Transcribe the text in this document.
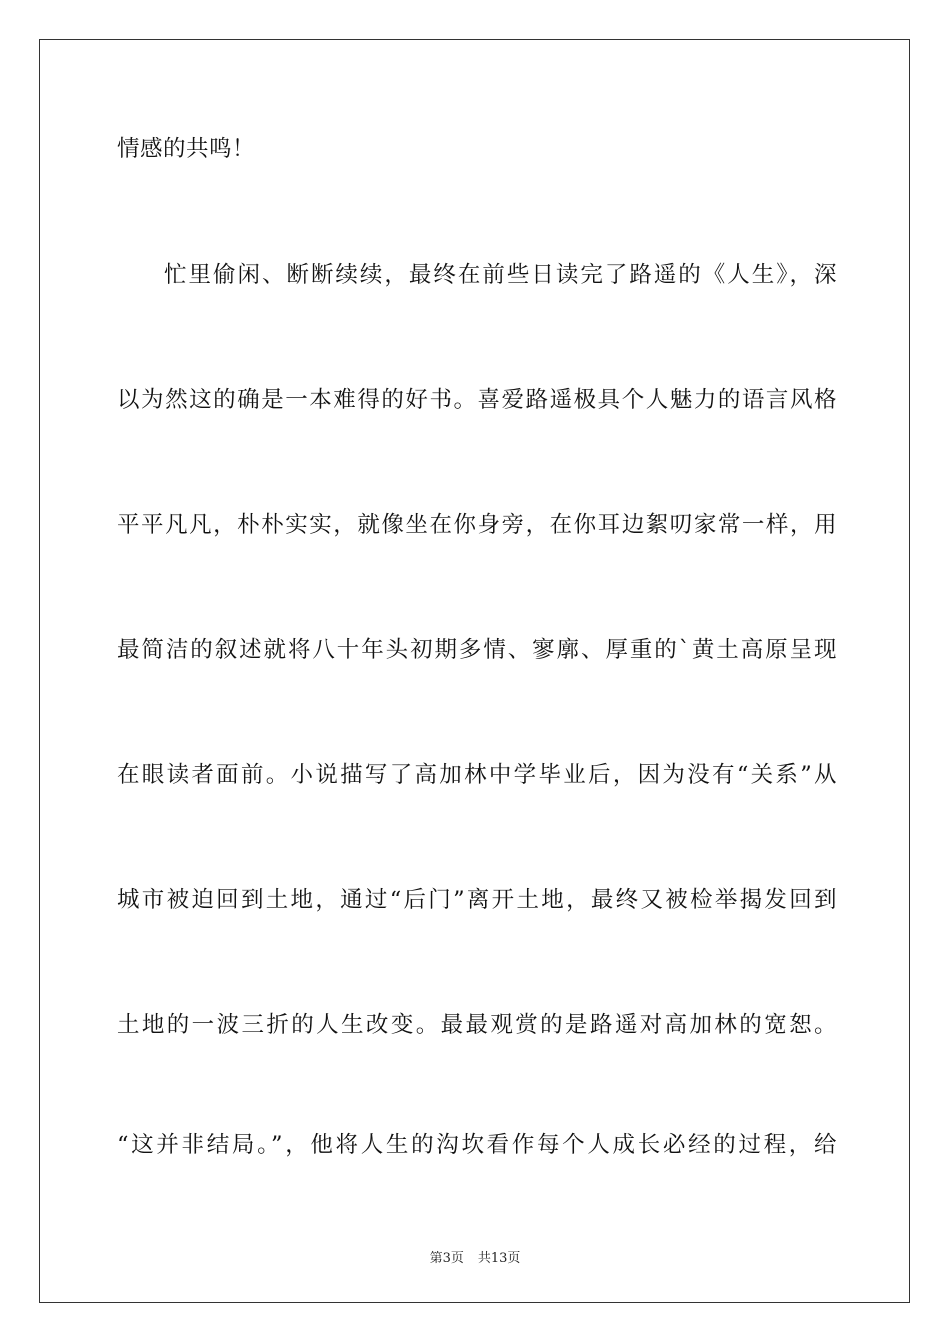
情感的共鸣！
忙里偷闲、断断续续，最终在前些日读完了路遥的《人生》，深
以为然这的确是一本难得的好书。喜爱路遥极具个人魅力的语言风格
平平凡凡，朴朴实实，就像坐在你身旁，在你耳边絮叨家常一样，用
最简洁的叙述就将八十年头初期多情、寥廓、厚重的`黄土高原呈现
在眼读者面前。小说描写了高加林中学毕业后，因为没有“关系”从
城市被迫回到土地，通过“后门”离开土地，最终又被检举揭发回到
土地的一波三折的人生改变。最最观赏的是路遥对高加林的宽恕。
“这并非结局。”，他将人生的沟坎看作每个人成长必经的过程，给
第3页 共13页
